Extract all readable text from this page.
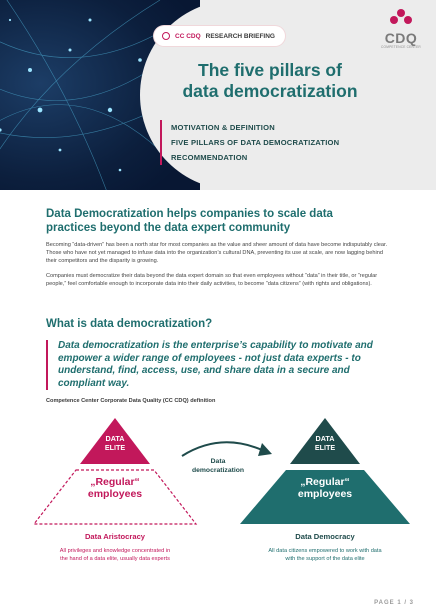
CDQ
COMPETENCE CENTER
CC CDQ RESEARCH BRIEFING
The five pillars of
data democratization
MOTIVATION & DEFINITION
FIVE PILLARS OF DATA DEMOCRATIZATION
RECOMMENDATION
Data Democratization helps companies to scale data practices beyond the data expert community
Becoming “data-driven” has been a north star for most companies as the value and sheer amount of data have become indisputably clear. Those who have not yet managed to infuse data into the organization’s cultural DNA, preventing its use at scale, are now lagging behind their competitors and the disparity is growing.
Companies must democratize their data beyond the data expert domain so that even employees without “data” in their title, or “regular people,” feel comfortable enough to incorporate data into their daily activities, to become “data citizens” (with rights and obligations).
What is data democratization?
Data democratization is the enterprise’s capability to motivate and empower a wider range of employees - not just data experts - to understand, find, access, use, and share data in a secure and compliant way.
Competence Center Corporate Data Quality (CC CDQ) definition
DATA
ELITE
„Regular“
employees
Data
democratization
DATA
ELITE
„Regular“
employees
Data Aristocracy
All privileges and knowledge concentrated in the hand of a data elite, usually data experts
Data Democracy
All data citizens empowered to work with data with the support of the data elite
PAGE 1 / 3
